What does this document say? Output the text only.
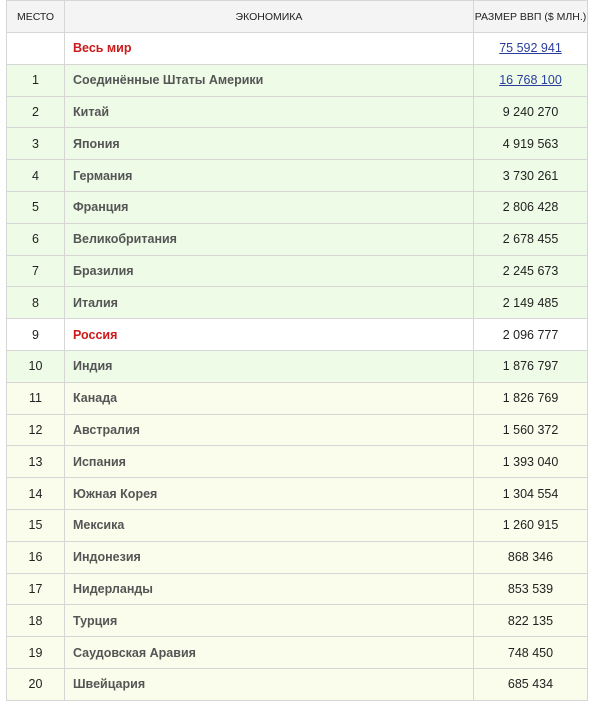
МЕСТО	ЭКОНОМИКА	РАЗМЕР ВВП ($ МЛН.)
	Весь мир	75 592 941
1	Соединённые Штаты Америки	16 768 100
2	Китай	9 240 270
3	Япония	4 919 563
4	Германия	3 730 261
5	Франция	2 806 428
6	Великобритания	2 678 455
7	Бразилия	2 245 673
8	Италия	2 149 485
9	Россия	2 096 777
10	Индия	1 876 797
11	Канада	1 826 769
12	Австралия	1 560 372
13	Испания	1 393 040
14	Южная Корея	1 304 554
15	Мексика	1 260 915
16	Индонезия	868 346
17	Нидерланды	853 539
18	Турция	822 135
19	Саудовская Аравия	748 450
20	Швейцария	685 434
